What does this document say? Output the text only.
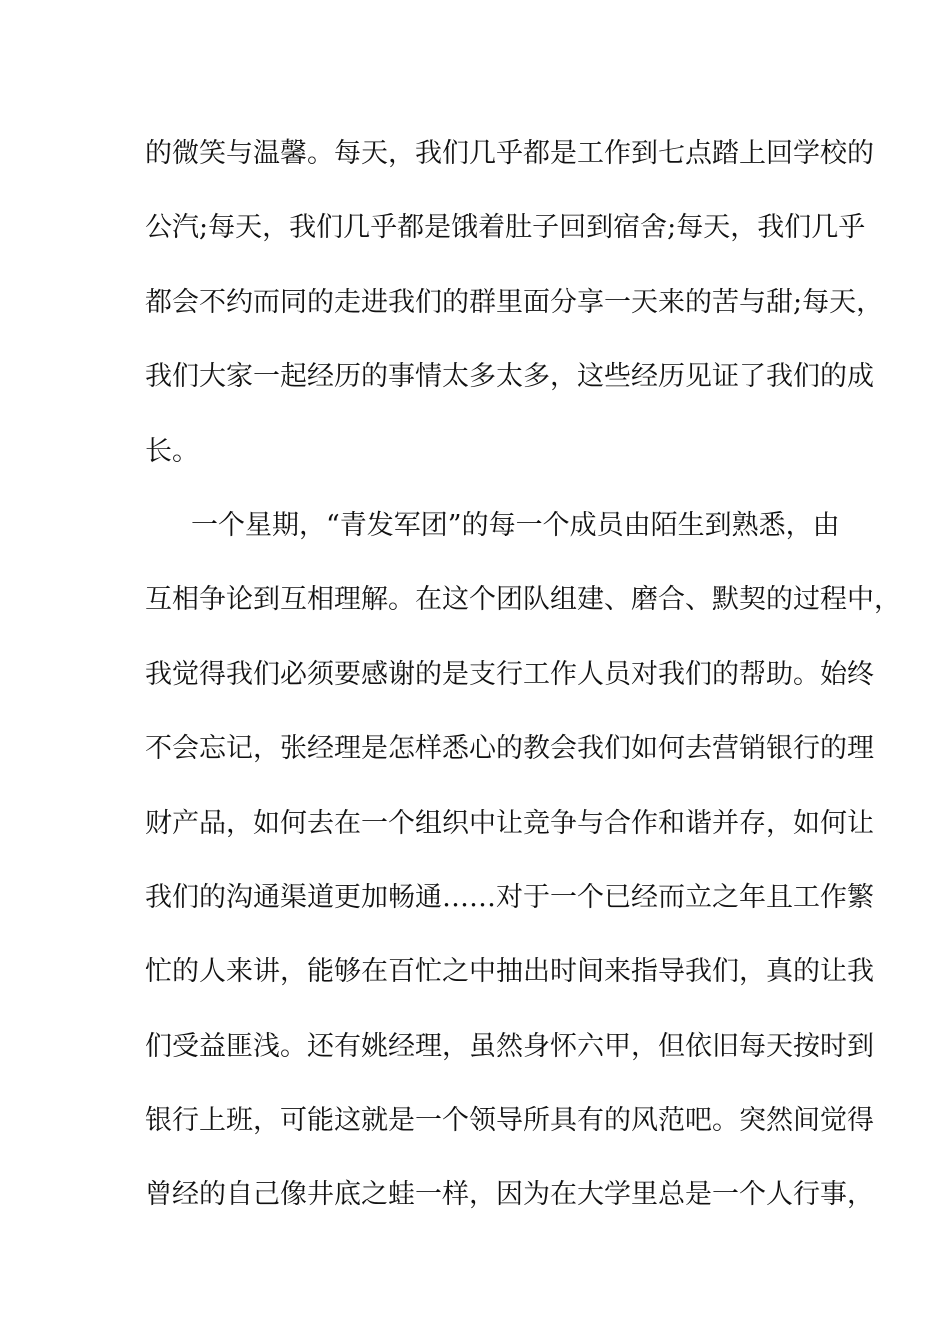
的微笑与温馨。每天，我们几乎都是工作到七点踏上回学校的
公汽;每天，我们几乎都是饿着肚子回到宿舍;每天，我们几乎
都会不约而同的走进我们的群里面分享一天来的苦与甜;每天，
我们大家一起经历的事情太多太多，这些经历见证了我们的成
长。
一个星期，“青发军团”的每一个成员由陌生到熟悉，由
互相争论到互相理解。在这个团队组建、磨合、默契的过程中，
我觉得我们必须要感谢的是支行工作人员对我们的帮助。始终
不会忘记，张经理是怎样悉心的教会我们如何去营销银行的理
财产品，如何去在一个组织中让竞争与合作和谐并存，如何让
我们的沟通渠道更加畅通……对于一个已经而立之年且工作繁
忙的人来讲，能够在百忙之中抽出时间来指导我们，真的让我
们受益匪浅。还有姚经理，虽然身怀六甲，但依旧每天按时到
银行上班，可能这就是一个领导所具有的风范吧。突然间觉得
曾经的自己像井底之蛙一样，因为在大学里总是一个人行事，
